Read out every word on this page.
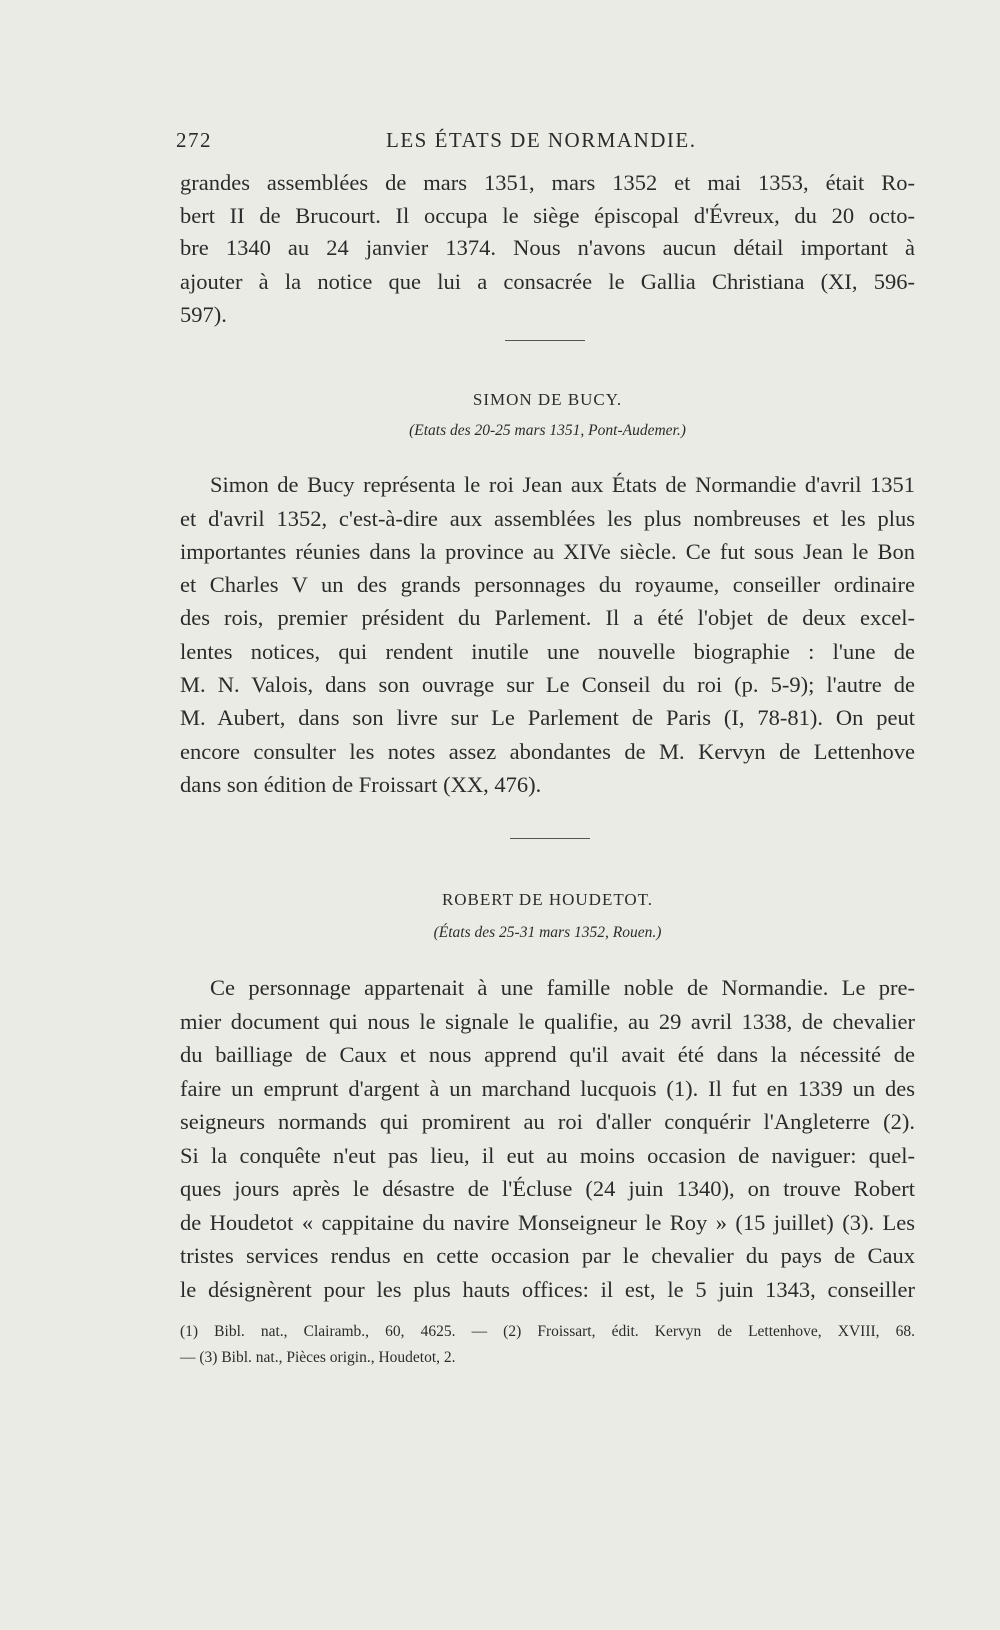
272	LES ÉTATS DE NORMANDIE.
grandes assemblées de mars 1351, mars 1352 et mai 1353, était Ro-
bert II de Brucourt. Il occupa le siège épiscopal d'Évreux, du 20 octo-
bre 1340 au 24 janvier 1374. Nous n'avons aucun détail important à
ajouter à la notice que lui a consacrée le Gallia Christiana (XI, 596-
597).
SIMON DE BUCY.
(Etats des 20-25 mars 1351, Pont-Audemer.)
Simon de Bucy représenta le roi Jean aux États de Normandie d'avril 1351
et d'avril 1352, c'est-à-dire aux assemblées les plus nombreuses et les plus
importantes réunies dans la province au XIVe siècle. Ce fut sous Jean le Bon
et Charles V un des grands personnages du royaume, conseiller ordinaire
des rois, premier président du Parlement. Il a été l'objet de deux excel-
lentes notices, qui rendent inutile une nouvelle biographie : l'une de
M. N. Valois, dans son ouvrage sur Le Conseil du roi (p. 5-9); l'autre de
M. Aubert, dans son livre sur Le Parlement de Paris (I, 78-81). On peut
encore consulter les notes assez abondantes de M. Kervyn de Lettenhove
dans son édition de Froissart (XX, 476).
ROBERT DE HOUDETOT.
(États des 25-31 mars 1352, Rouen.)
Ce personnage appartenait à une famille noble de Normandie. Le pre-
mier document qui nous le signale le qualifie, au 29 avril 1338, de chevalier
du bailliage de Caux et nous apprend qu'il avait été dans la nécessité de
faire un emprunt d'argent à un marchand lucquois (1). Il fut en 1339 un des
seigneurs normands qui promirent au roi d'aller conquérir l'Angleterre (2).
Si la conquête n'eut pas lieu, il eut au moins occasion de naviguer: quel-
ques jours après le désastre de l'Écluse (24 juin 1340), on trouve Robert
de Houdetot « cappitaine du navire Monseigneur le Roy » (15 juillet) (3). Les
tristes services rendus en cette occasion par le chevalier du pays de Caux
le désignèrent pour les plus hauts offices: il est, le 5 juin 1343, conseiller
(1) Bibl. nat., Clairamb., 60, 4625. — (2) Froissart, édit. Kervyn de Lettenhove, XVIII, 68.
— (3) Bibl. nat., Pièces origin., Houdetot, 2.
